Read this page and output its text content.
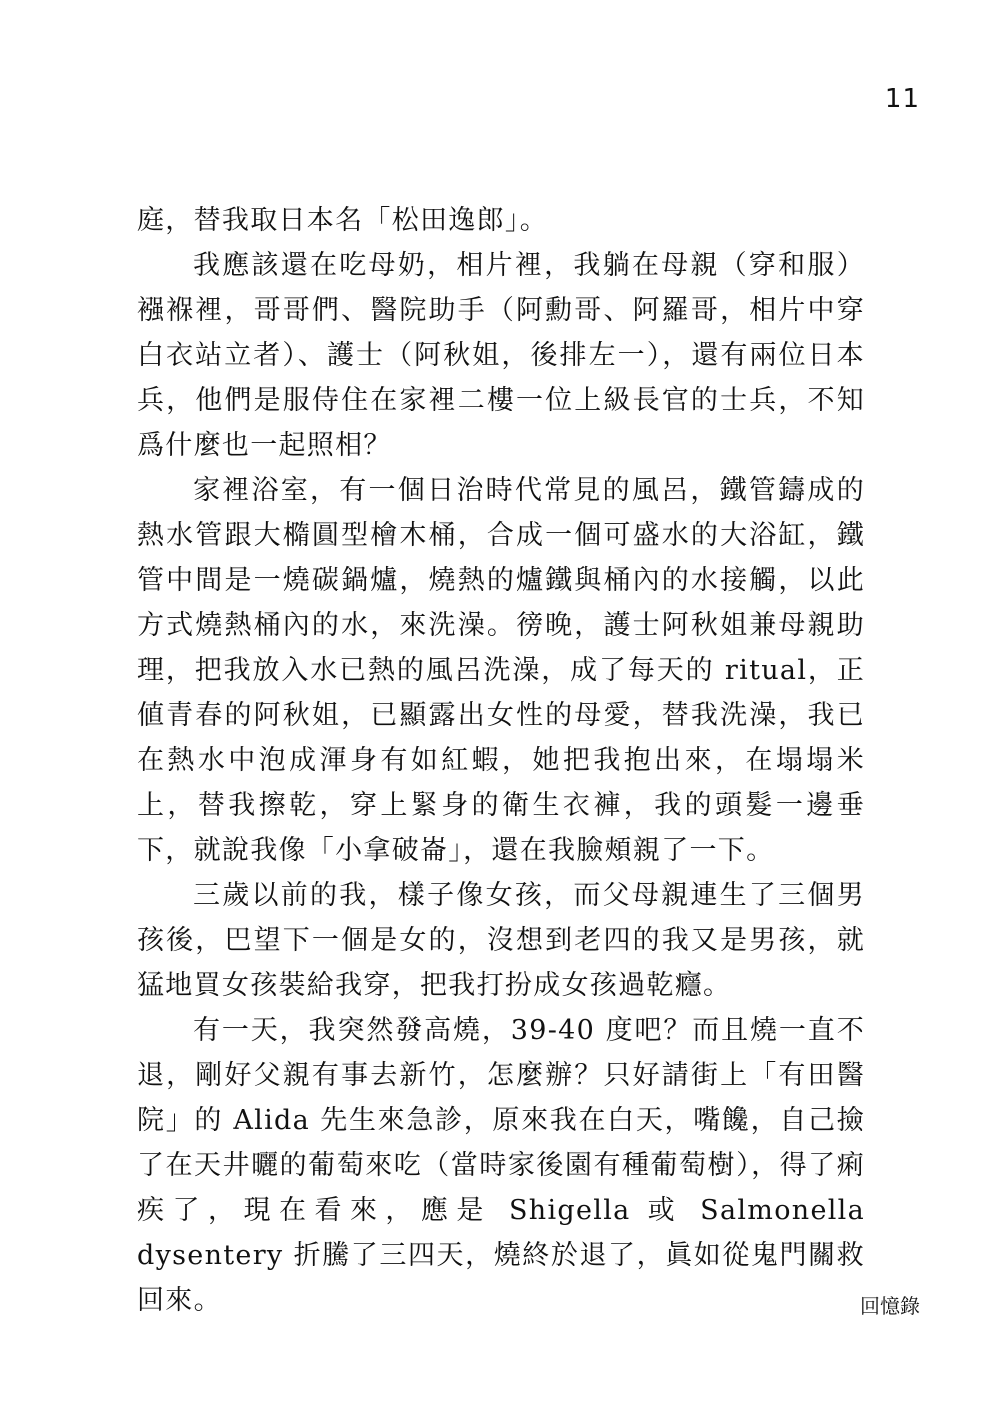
11

庭，替我取日本名「松田逸郎」。

我應該還在吃母奶，相片裡，我躺在母親（穿和服）襁褓裡，哥哥們、醫院助手（阿勳哥、阿羅哥，相片中穿白衣站立者）、護士（阿秋姐，後排左一），還有兩位日本兵，他們是服侍住在家裡二樓一位上級長官的士兵，不知爲什麼也一起照相？

家裡浴室，有一個日治時代常見的風呂，鐵管鑄成的熱水管跟大橢圓型檜木桶，合成一個可盛水的大浴缸，鐵管中間是一燒碳鍋爐，燒熱的爐鐵與桶內的水接觸，以此方式燒熱桶內的水，來洗澡。徬晚，護士阿秋姐兼母親助理，把我放入水已熱的風呂洗澡，成了每天的 ritual，正値青春的阿秋姐，已顯露出女性的母愛，替我洗澡，我已在熱水中泡成渾身有如紅蝦，她把我抱出來，在塌塌米上，替我擦乾，穿上緊身的衛生衣褲，我的頭髮一邊垂下，就說我像「小拿破崙」，還在我臉頰親了一下。

三歲以前的我，樣子像女孩，而父母親連生了三個男孩後，巴望下一個是女的，沒想到老四的我又是男孩，就猛地買女孩裝給我穿，把我打扮成女孩過乾癮。

有一天，我突然發高燒，39-40 度吧？而且燒一直不退，剛好父親有事去新竹，怎麼辦？只好請街上「有田醫院」的 Alida 先生來急診，原來我在白天，嘴饞，自己撿了在天井曬的葡萄來吃（當時家後園有種葡萄樹），得了痢疾了，現在看來，應是 Shigella 或 Salmonella dysentery 折騰了三四天，燒終於退了，眞如從鬼門關救回來。	回憶錄
